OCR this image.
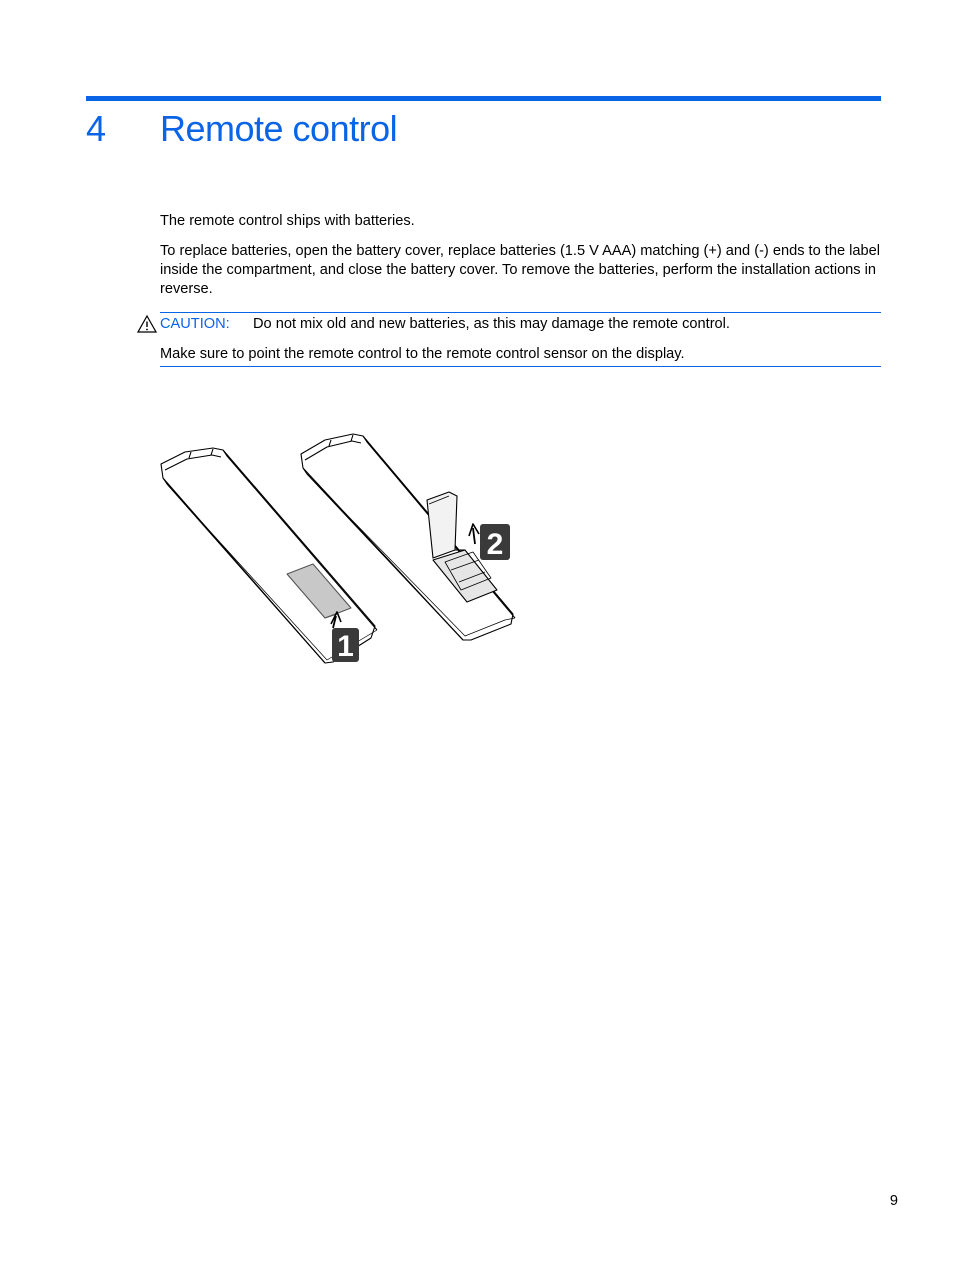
4 Remote control
The remote control ships with batteries.
To replace batteries, open the battery cover, replace batteries (1.5 V AAA) matching (+) and (-) ends to the label inside the compartment, and close the battery cover. To remove the batteries, perform the installation actions in reverse.
CAUTION: Do not mix old and new batteries, as this may damage the remote control.
Make sure to point the remote control to the remote control sensor on the display.
1
2
9
